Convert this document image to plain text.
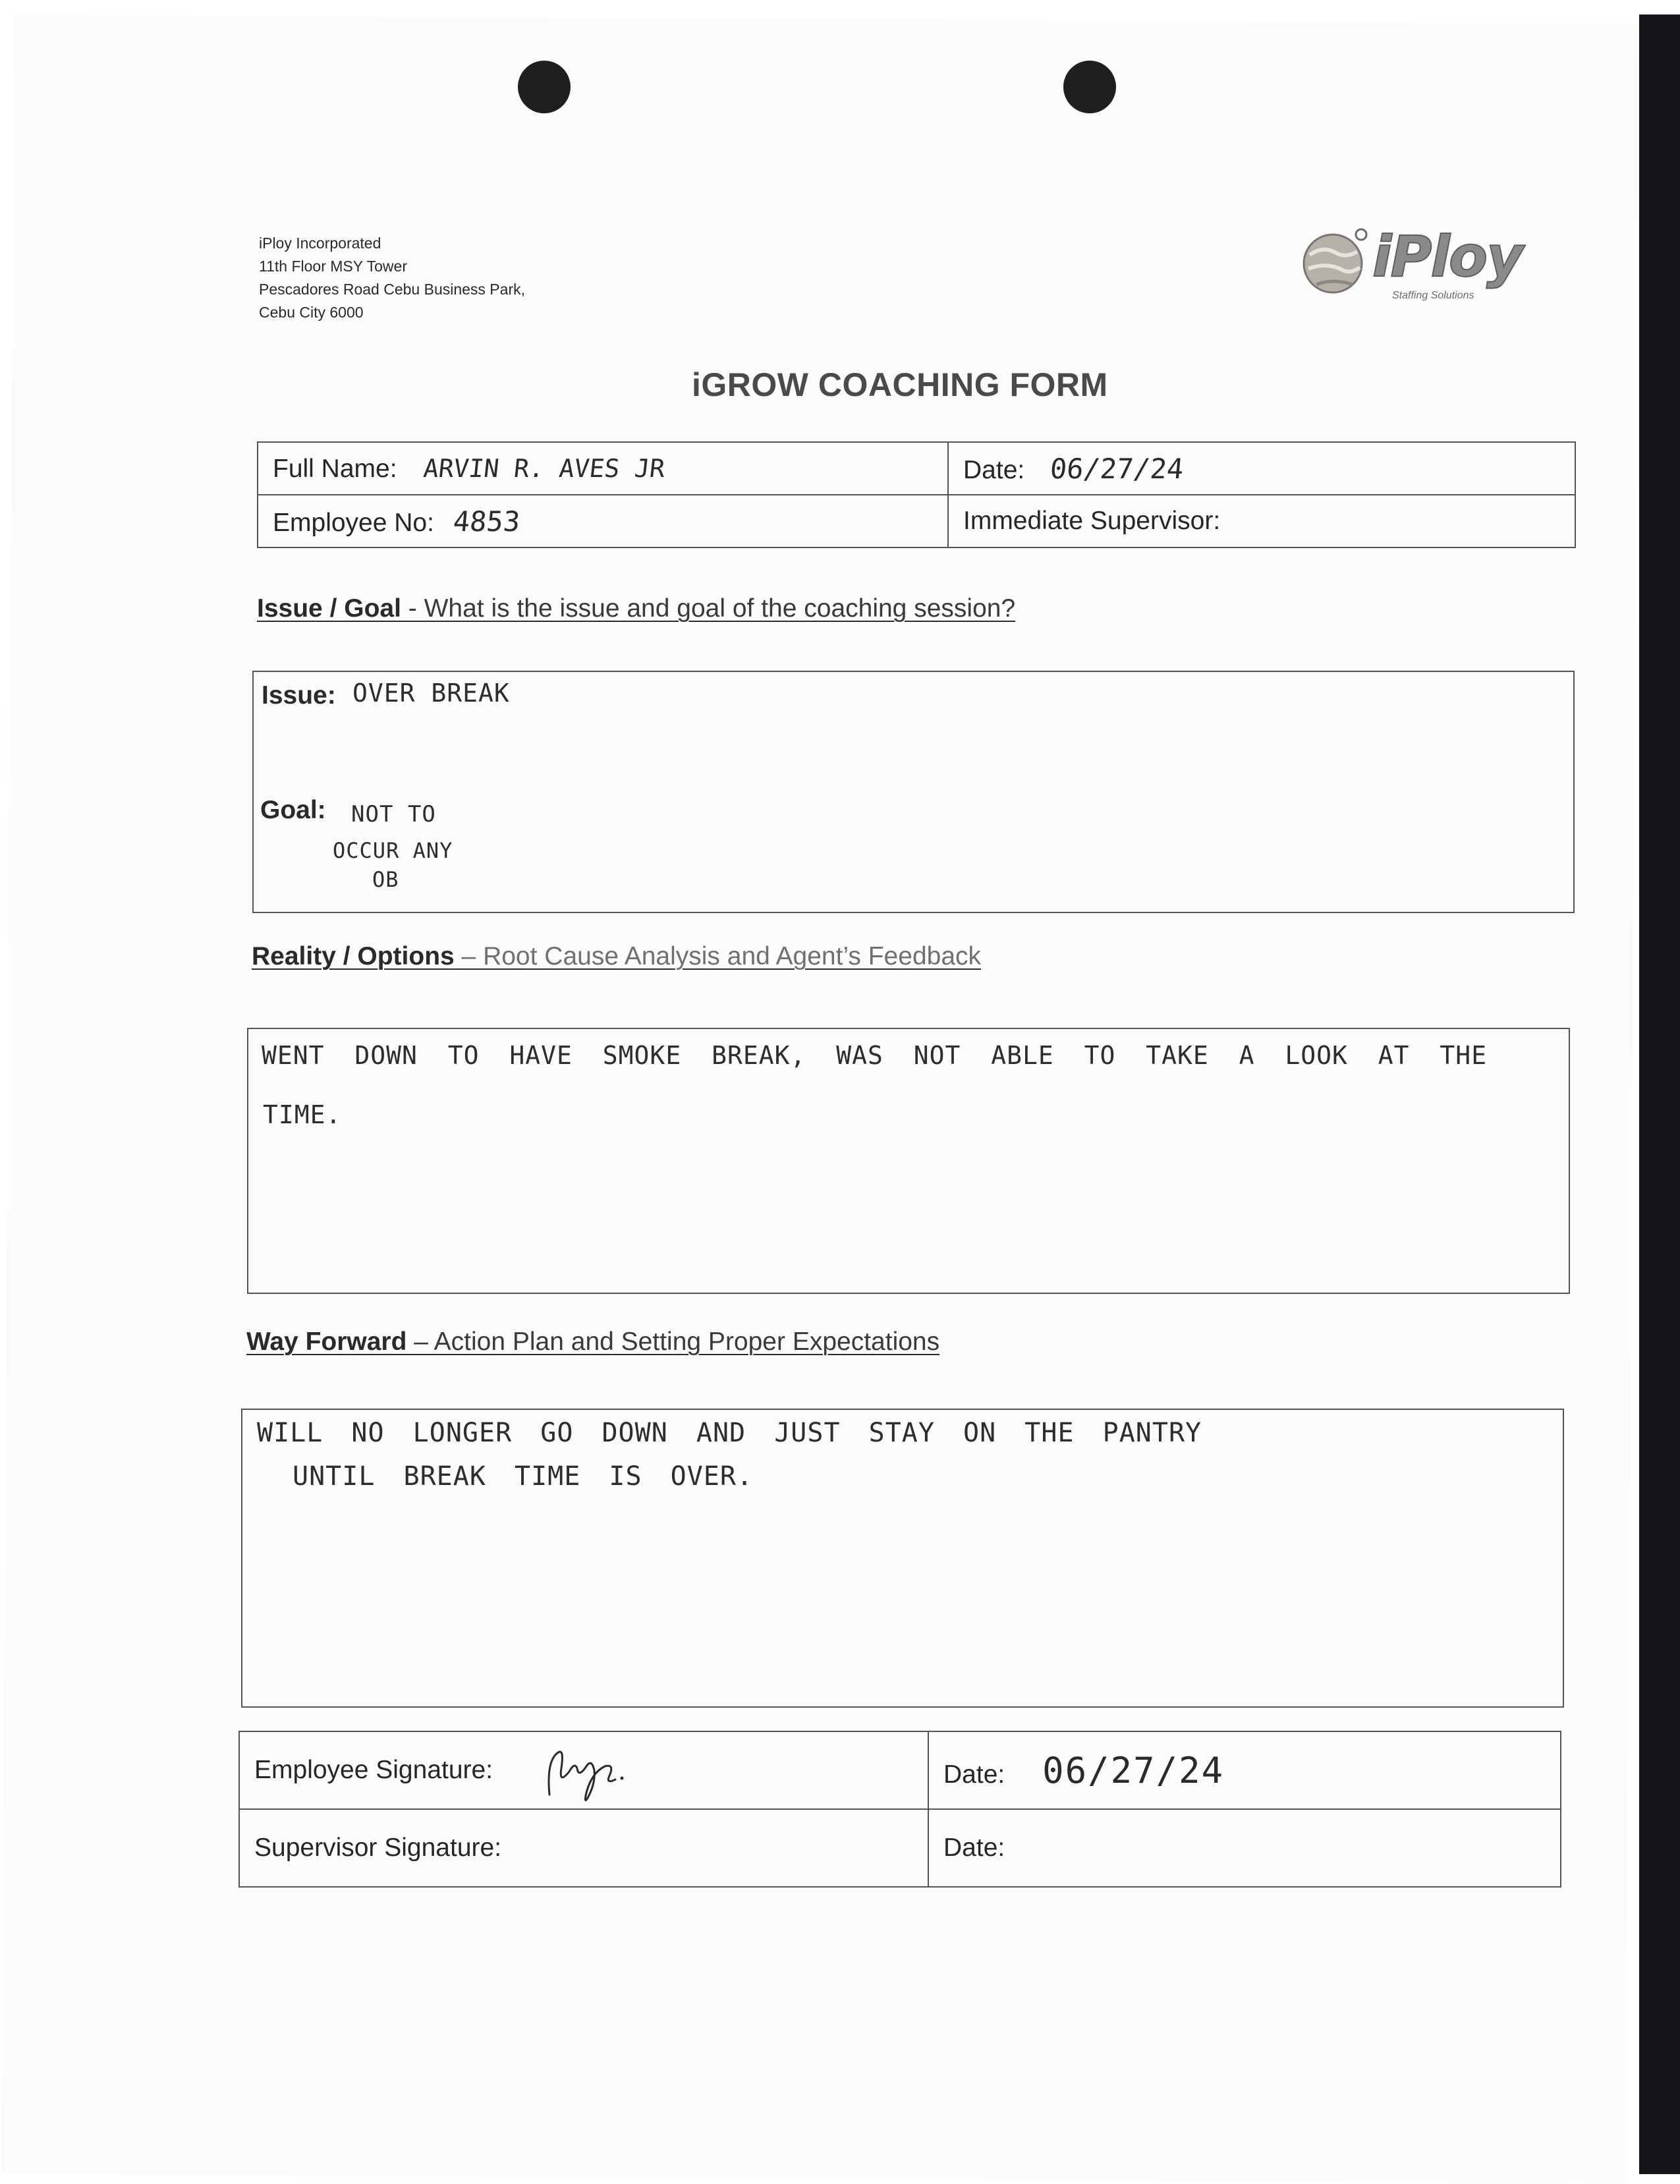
iPloy Incorporated
11th Floor MSY Tower
Pescadores Road Cebu Business Park,
Cebu City 6000
iPloy
Staffing Solutions
iGROW COACHING FORM
Full Name: ARVIN R. AVES JR	Date: 06/27/24
Employee No: 4853	Immediate Supervisor:
Issue / Goal - What is the issue and goal of the coaching session?
Issue: OVER BREAK
Goal: NOT TO
OCCUR ANY
OB
Reality / Options – Root Cause Analysis and Agent’s Feedback
WENT DOWN TO HAVE SMOKE BREAK, WAS NOT ABLE TO TAKE A LOOK AT THE
TIME.
Way Forward – Action Plan and Setting Proper Expectations
WILL NO LONGER GO DOWN AND JUST STAY ON THE PANTRY
UNTIL BREAK TIME IS OVER.
Employee Signature:	Date: 06/27/24
Supervisor Signature:	Date:
